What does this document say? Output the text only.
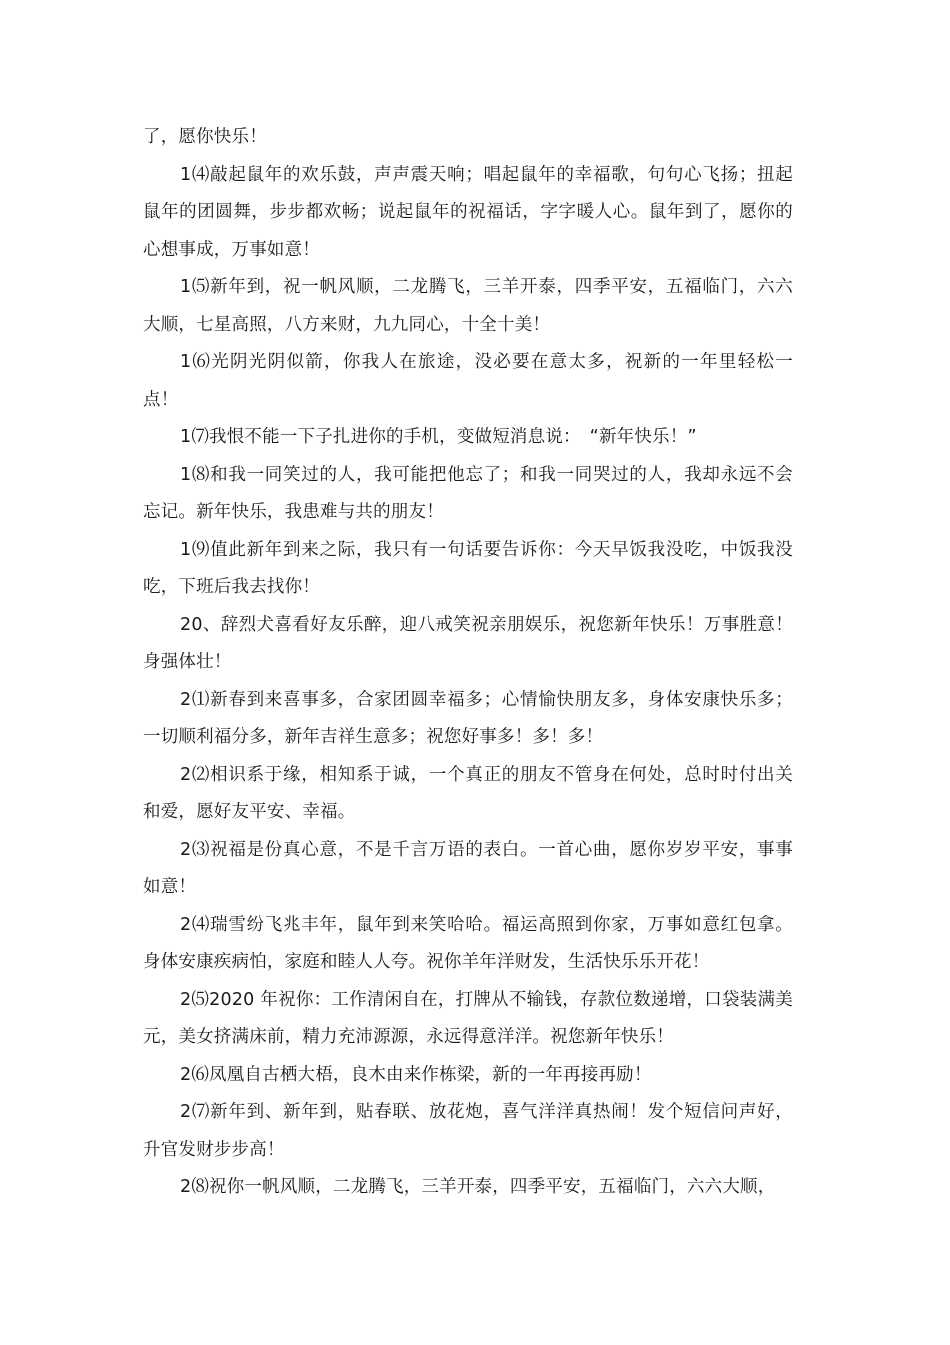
了，愿你快乐！

1⑷敲起鼠年的欢乐鼓，声声震天响；唱起鼠年的幸福歌，句句心飞扬；扭起鼠年的团圆舞，步步都欢畅；说起鼠年的祝福话，字字暖人心。鼠年到了，愿你的心想事成，万事如意！

1⑸新年到，祝一帆风顺，二龙腾飞，三羊开泰，四季平安，五福临门，六六大顺，七星高照，八方来财，九九同心，十全十美！

1⑹光阴光阴似箭，你我人在旅途，没必要在意太多，祝新的一年里轻松一点！

1⑺我恨不能一下子扎进你的手机，变做短消息说：　“新年快乐！”

1⑻和我一同笑过的人，我可能把他忘了；和我一同哭过的人，我却永远不会忘记。新年快乐，我患难与共的朋友！

1⑼值此新年到来之际，我只有一句话要告诉你：今天早饭我没吃，中饭我没吃，下班后我去找你！

20、辞烈犬喜看好友乐醉，迎八戒笑祝亲朋娱乐，祝您新年快乐！万事胜意！身强体壮！

2⑴新春到来喜事多，合家团圆幸福多；心情愉快朋友多，身体安康快乐多；一切顺利福分多，新年吉祥生意多；祝您好事多！多！多！

2⑵相识系于缘，相知系于诚，一个真正的朋友不管身在何处，总时时付出关和爱，愿好友平安、幸福。

2⑶祝福是份真心意，不是千言万语的表白。一首心曲，愿你岁岁平安，事事如意！

2⑷瑞雪纷飞兆丰年，鼠年到来笑哈哈。福运高照到你家，万事如意红包拿。身体安康疾病怕，家庭和睦人人夸。祝你羊年洋财发，生活快乐乐开花！

2⑸2020 年祝你：工作清闲自在，打牌从不输钱，存款位数递增，口袋装满美元，美女挤满床前，精力充沛源源，永远得意洋洋。祝您新年快乐！

2⑹凤凰自古栖大梧，良木由来作栋梁，新的一年再接再励！

2⑺新年到、新年到，贴春联、放花炮，喜气洋洋真热闹！发个短信问声好，升官发财步步高！

2⑻祝你一帆风顺，二龙腾飞，三羊开泰，四季平安，五福临门，六六大顺，
